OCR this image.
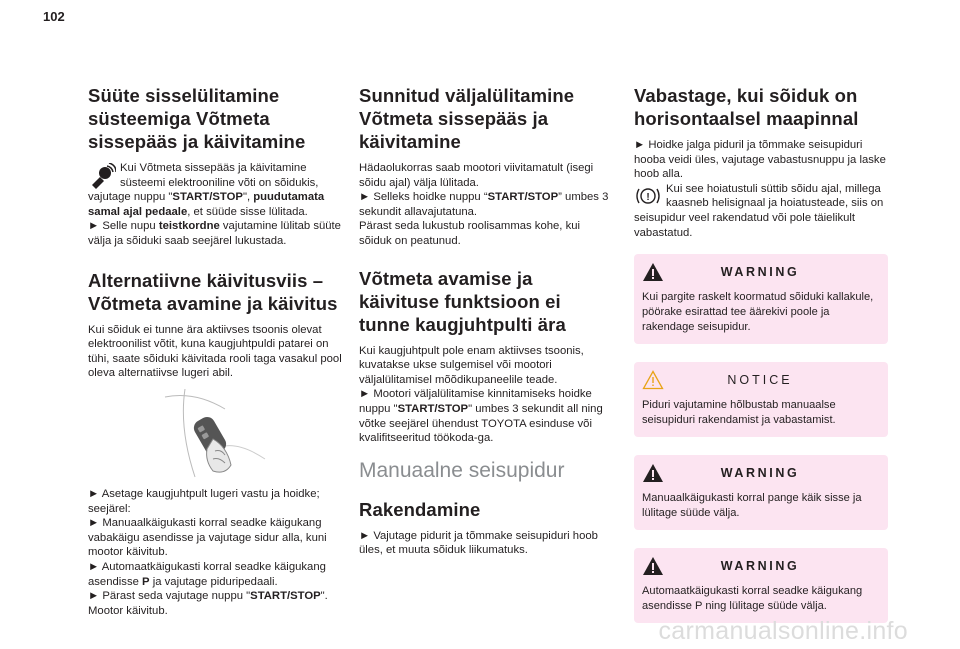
102
Süüte sisselülitamine süsteemiga Võtmeta sissepääs ja käivitamine

Kui Võtmeta sissepääs ja käivitamine süsteemi elektrooniline võti on sõidukis, vajutage nuppu "START/STOP", puudutamata samal ajal pedaale, et süüde sisse lülitada.

► Selle nupu teistkordne vajutamine lülitab süüte välja ja sõiduki saab seejärel lukustada.

Alternatiivne käivitusviis – Võtmeta avamine ja käivitus

Kui sõiduk ei tunne ära aktiivses tsoonis olevat elektroonilist võtit, kuna kaugjuhtpuldi patarei on tühi, saate sõiduki käivitada rooli taga vasakul pool oleva alternatiivse lugeri abil.

► Asetage kaugjuhtpult lugeri vastu ja hoidke; seejärel:

► Manuaalkäigukasti korral seadke käigukang vabakäigu asendisse ja vajutage sidur alla, kuni mootor käivitub.

► Automaatkäigukasti korral seadke käigukang asendisse P ja vajutage piduripedaali.

► Pärast seda vajutage nuppu "START/STOP". Mootor käivitub.

Sunnitud väljalülitamine Võtmeta sissepääs ja käivitamine

Hädaolukorras saab mootori viivitamatult (isegi sõidu ajal) välja lülitada.

► Selleks hoidke nuppu “START/STOP” umbes 3 sekundit allavajutatuna.

Pärast seda lukustub roolisammas kohe, kui sõiduk on peatunud.

Võtmeta avamise ja käivituse funktsioon ei tunne kaugjuhtpulti ära

Kui kaugjuhtpult pole enam aktiivses tsoonis, kuvatakse ukse sulgemisel või mootori väljalülitamisel mõõdikupaneelile teade.

► Mootori väljalülitamise kinnitamiseks hoidke nuppu "START/STOP" umbes 3 sekundit all ning võtke seejärel ühendust TOYOTA esinduse või kvalifitseeritud töökoda-ga.

Manuaalne seisupidur
Rakendamine

► Vajutage pidurit ja tõmmake seisupiduri hoob üles, et muuta sõiduk liikumatuks.

Vabastage, kui sõiduk on horisontaalsel maapinnal

► Hoidke jalga piduril ja tõmmake seisupiduri hooba veidi üles, vajutage vabastusnuppu ja laske hoob alla.

!

Kui see hoiatustuli süttib sõidu ajal, millega kaasneb helisignaal ja hoiatusteade, siis on seisupidur veel rakendatud või pole täielikult vabastatud.

WARNING

Kui pargite raskelt koormatud sõiduki kallakule, pöörake esirattad tee äärekivi poole ja rakendage seisupidur.

NOTICE

Piduri vajutamine hõlbustab manuaalse seisupiduri rakendamist ja vabastamist.

WARNING

Manuaalkäigukasti korral pange käik sisse ja lülitage süüde välja.

WARNING

Automaatkäigukasti korral seadke käigukang asendisse P ning lülitage süüde välja.

carmanualsonline.info
